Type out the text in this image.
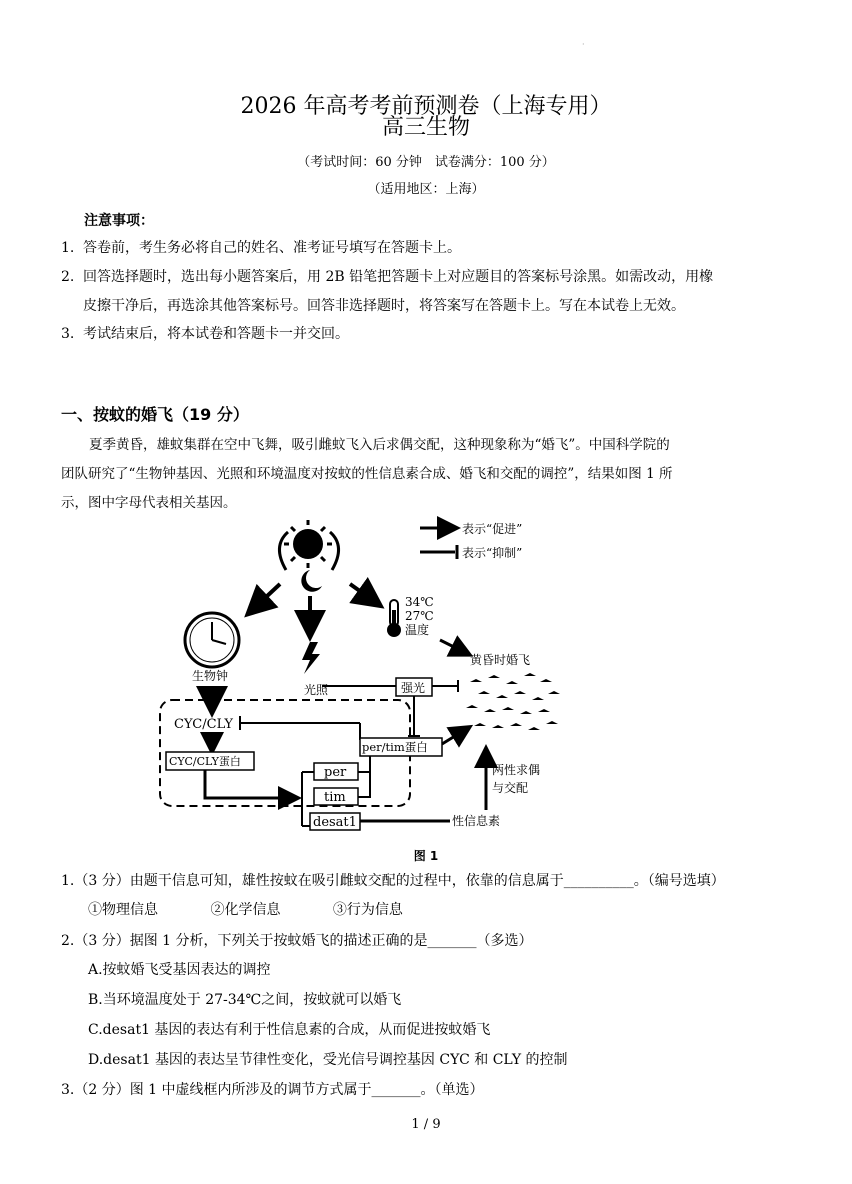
·
2026 年高考考前预测卷（上海专用）
高三生物
（考试时间：60 分钟　试卷满分：100 分）
（适用地区：上海）
注意事项：
1. 答卷前，考生务必将自己的姓名、准考证号填写在答题卡上。
2. 回答选择题时，选出每小题答案后，用 2B 铅笔把答题卡上对应题目的答案标号涂黑。如需改动，用橡
皮擦干净后，再选涂其他答案标号。回答非选择题时，将答案写在答题卡上。写在本试卷上无效。
3. 考试结束后，将本试卷和答题卡一并交回。
一、按蚊的婚飞（19 分）
夏季黄昏，雄蚊集群在空中飞舞，吸引雌蚊飞入后求偶交配，这种现象称为“婚飞”。中国科学院的
团队研究了“生物钟基因、光照和环境温度对按蚊的性信息素合成、婚飞和交配的调控”，结果如图 1 所
示，图中字母代表相关基因。
表示“促进”
表示“抑制”
生物钟
光照
34℃
27℃
温度
黄昏时婚飞
CYC/CLY
CYC/CLY蛋白
per
tim
desat1
per/tim蛋白
强光
性信息素
两性求偶
与交配
图 1
1.（3 分）由题干信息可知，雄性按蚊在吸引雌蚊交配的过程中，依靠的信息属于__________。（编号选填）
①物理信息	②化学信息	③行为信息
2.（3 分）据图 1 分析，下列关于按蚊婚飞的描述正确的是_______（多选）
A.按蚊婚飞受基因表达的调控
B.当环境温度处于 27-34℃之间，按蚊就可以婚飞
C.desat1 基因的表达有利于性信息素的合成，从而促进按蚊婚飞
D.desat1 基因的表达呈节律性变化，受光信号调控基因 CYC 和 CLY 的控制
3.（2 分）图 1 中虚线框内所涉及的调节方式属于_______。（单选）
1 / 9
